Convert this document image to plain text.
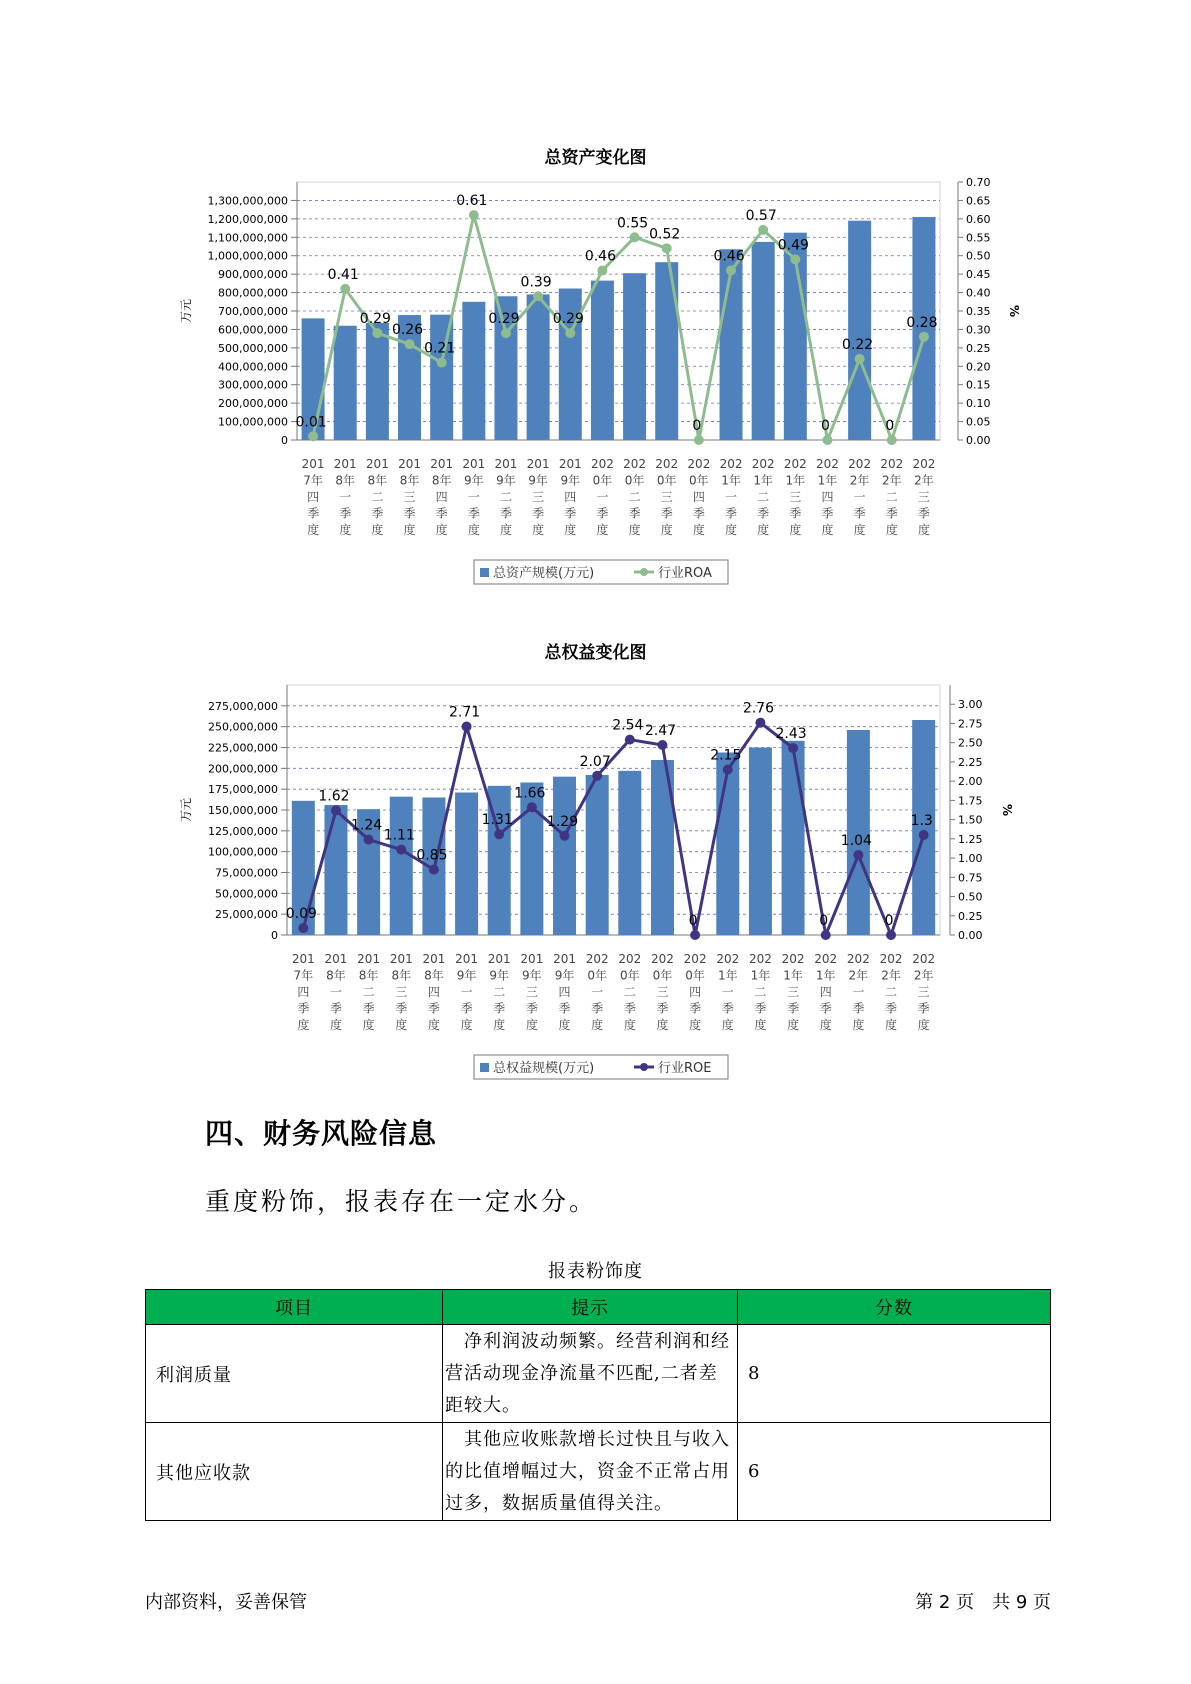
总资产变化图
0
100,000,000
200,000,000
300,000,000
400,000,000
500,000,000
600,000,000
700,000,000
800,000,000
900,000,000
1,000,000,000
1,100,000,000
1,200,000,000
1,300,000,000
0.00
0.05
0.10
0.15
0.20
0.25
0.30
0.35
0.40
0.45
0.50
0.55
0.60
0.65
0.70
万元	%
0.01
0.41
0.29
0.26
0.21
0.61
0.29
0.39
0.29
0.46
0.55
0.52
0
0.46
0.57
0.49
0
0.22
0
0.28
201
7年
四
季
度
201
8年
一
季
度
201
8年
二
季
度
201
8年
三
季
度
201
8年
四
季
度
201
9年
一
季
度
201
9年
二
季
度
201
9年
三
季
度
201
9年
四
季
度
202
0年
一
季
度
202
0年
二
季
度
202
0年
三
季
度
202
0年
四
季
度
202
1年
一
季
度
202
1年
二
季
度
202
1年
三
季
度
202
1年
四
季
度
202
2年
一
季
度
202
2年
二
季
度
202
2年
三
季
度
总资产规模(万元)	行业ROA
总权益变化图
0
25,000,000
50,000,000
75,000,000
100,000,000
125,000,000
150,000,000
175,000,000
200,000,000
225,000,000
250,000,000
275,000,000
0.00
0.25
0.50
0.75
1.00
1.25
1.50
1.75
2.00
2.25
2.50
2.75
3.00
万元	%
0.09
1.62
1.24
1.11
0.85
2.71
1.31
1.66
1.29
2.07
2.54 2.47
0
2.15
2.76
2.43
0
1.04
0
1.3
201
7年
四
季
度
201
8年
一
季
度
201
8年
二
季
度
201
8年
三
季
度
201
8年
四
季
度
201
9年
一
季
度
201
9年
二
季
度
201
9年
三
季
度
201
9年
四
季
度
202
0年
一
季
度
202
0年
二
季
度
202
0年
三
季
度
202
0年
四
季
度
202
1年
一
季
度
202
1年
二
季
度
202
1年
三
季
度
202
1年
四
季
度
202
2年
一
季
度
202
2年
二
季
度
202
2年
三
季
度
总权益规模(万元)	行业ROE
四、财务风险信息
重度粉饰，报表存在一定水分。
报表粉饰度
项目	提示	分数
利润质量	　净利润波动频繁。经营利润和经营活动现金净流量不匹配,二者差距较大。	8
其他应收款	　其他应收账款增长过快且与收入的比值增幅过大，资金不正常占用过多，数据质量值得关注。	6
内部资料，妥善保管	第 2 页　共 9 页
